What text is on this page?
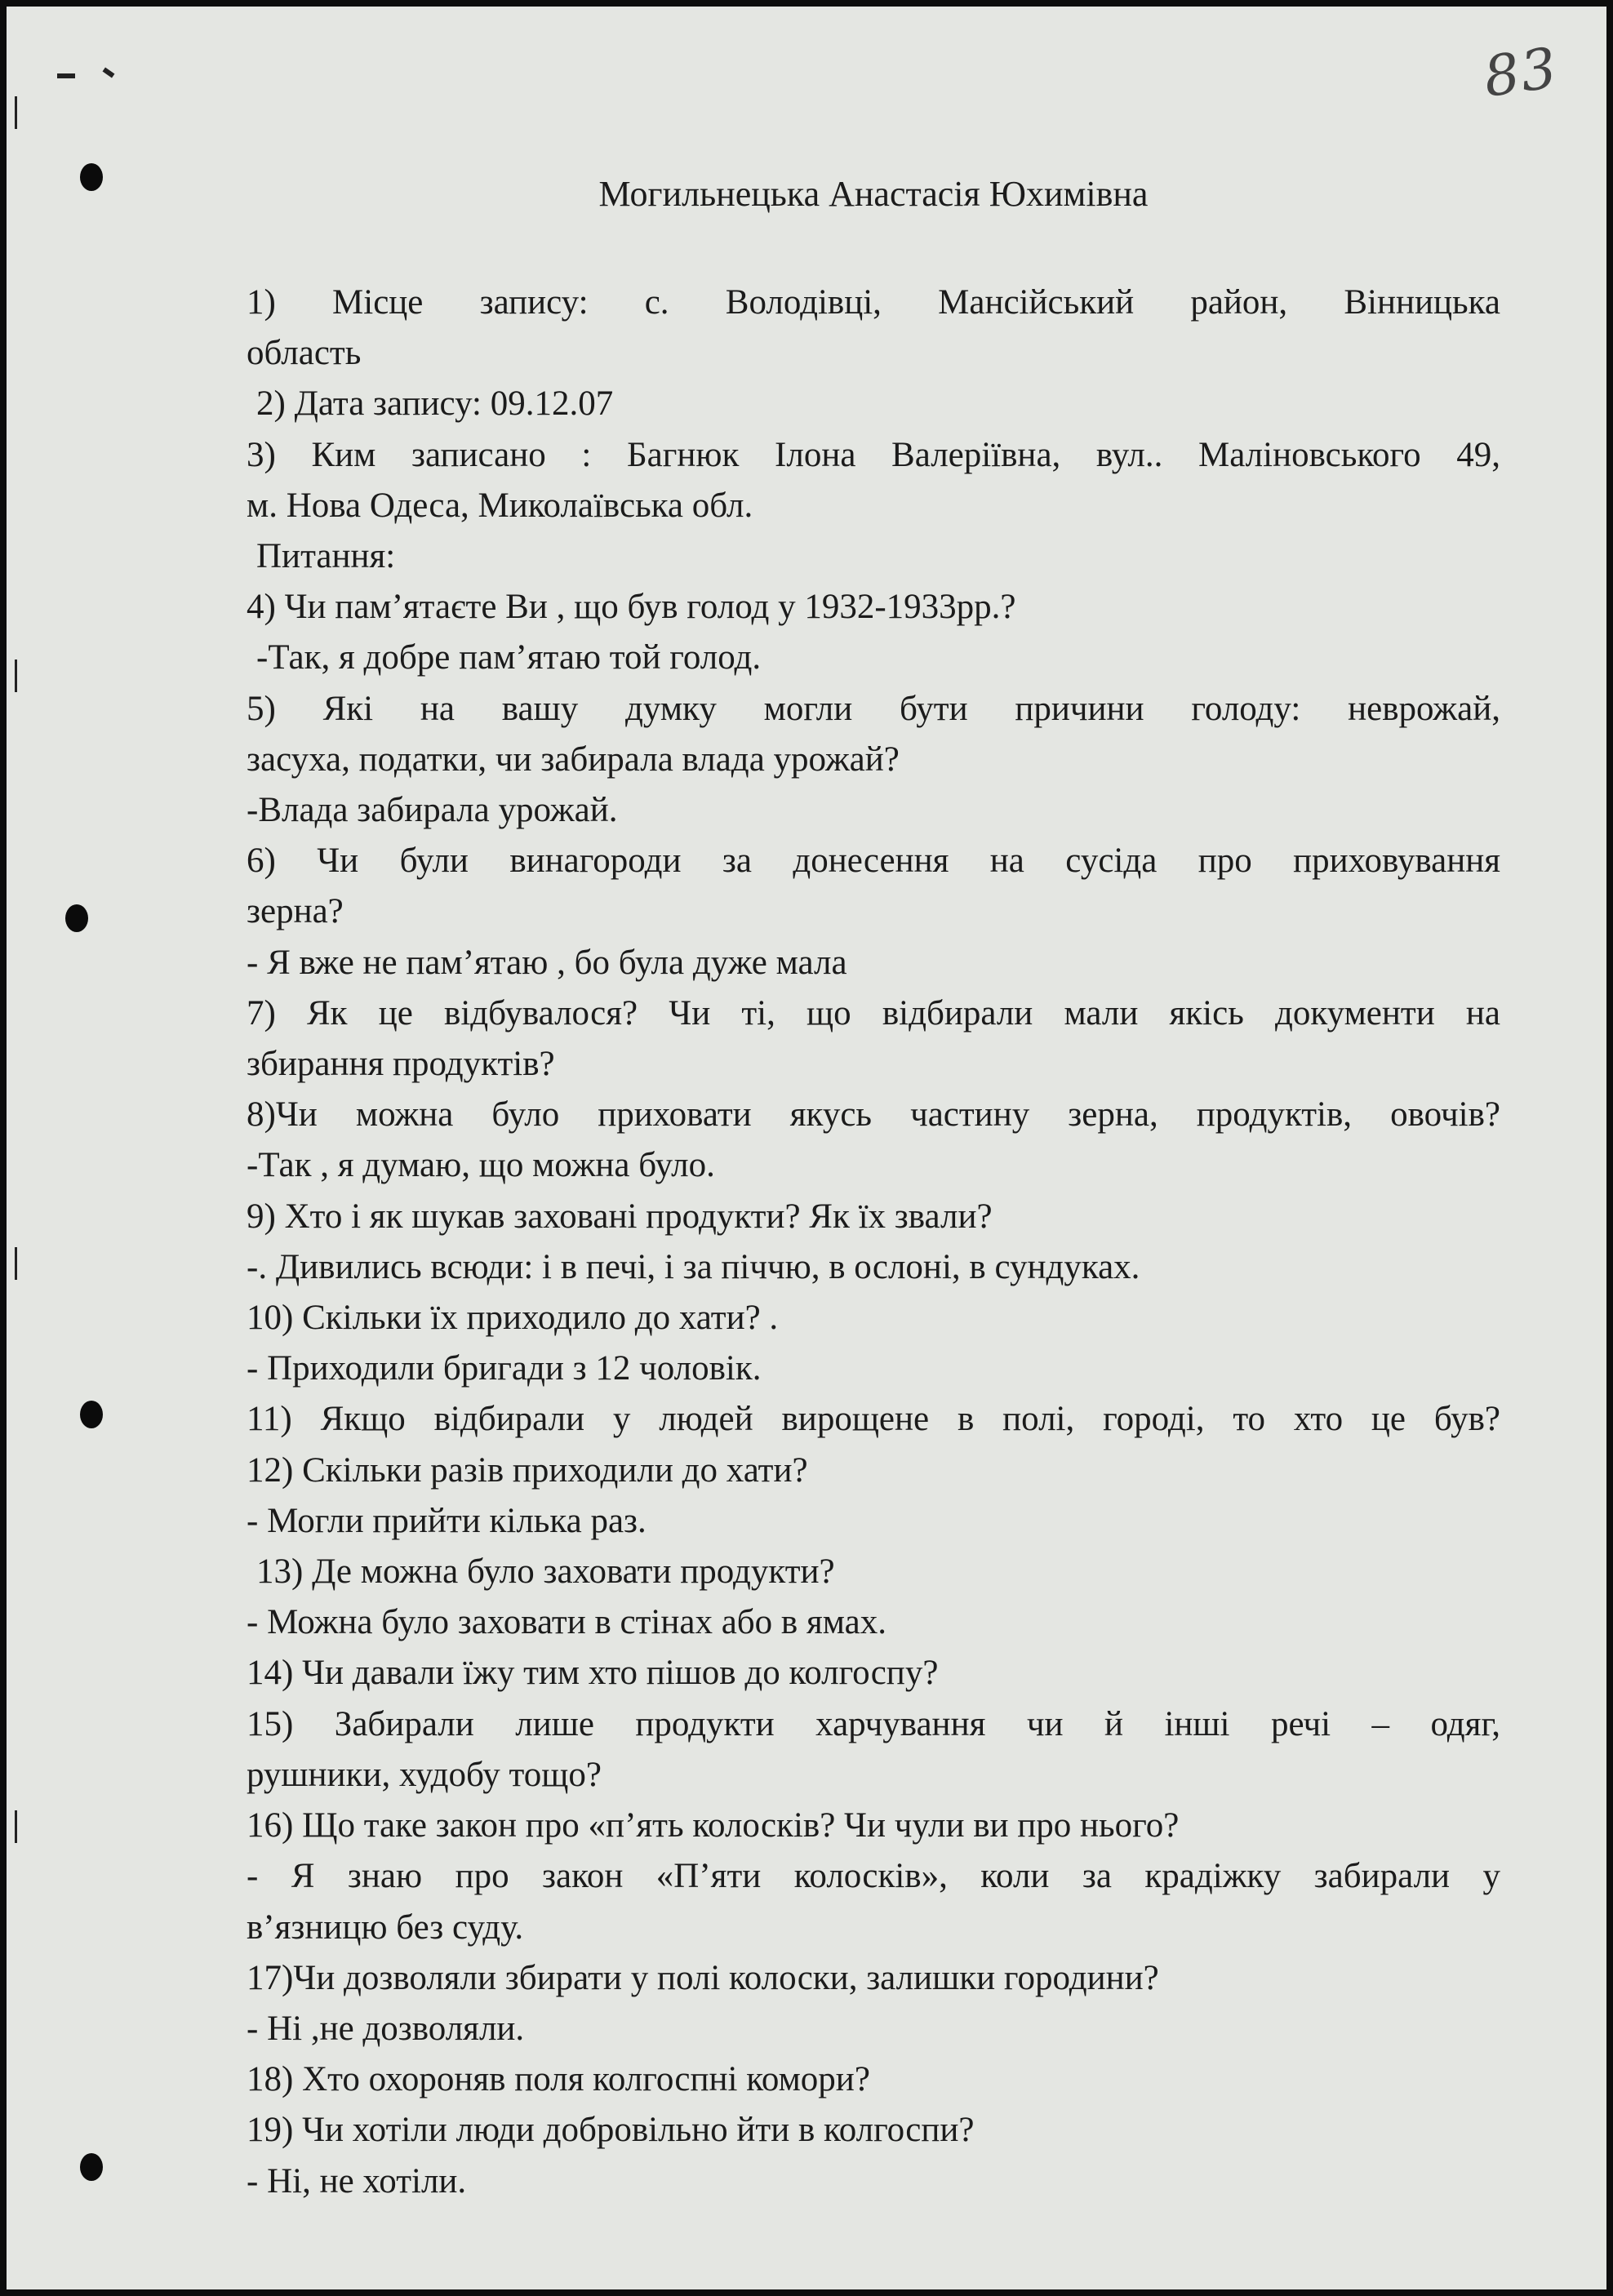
83
Могильнецька Анастасія Юхимівна
1) Місце запису: с. Володівці, Мансійський район, Вінницька
область
2) Дата запису: 09.12.07
3) Ким записано : Багнюк Ілона Валеріївна, вул.. Маліновського 49,
м. Нова Одеса, Миколаївська обл.
Питання:
4) Чи пам’ятаєте Ви , що був голод у 1932-1933рр.?
-Так, я добре пам’ятаю той голод.
5) Які на вашу думку могли бути причини голоду: неврожай,
засуха, податки, чи забирала влада урожай?
-Влада забирала урожай.
6) Чи були винагороди за донесення на сусіда про приховування
зерна?
- Я вже не пам’ятаю , бо була дуже мала
7) Як це відбувалося? Чи ті, що відбирали мали якісь документи на
збирання продуктів?
8)Чи можна було приховати якусь частину зерна, продуктів, овочів?
-Так , я думаю, що можна було.
9) Хто і як шукав заховані продукти? Як їх звали?
-. Дивились всюди: і в печі, і за піччю, в ослоні, в сундуках.
10) Скільки їх приходило до хати? .
- Приходили бригади з 12 чоловік.
11) Якщо відбирали у людей вирощене в полі, городі, то хто це був?
12) Скільки разів приходили до хати?
- Могли прийти кілька раз.
13) Де можна було заховати продукти?
- Можна було заховати в стінах або в ямах.
14) Чи давали їжу тим хто пішов до колгоспу?
15) Забирали лише продукти харчування чи й інші речі – одяг,
рушники, худобу тощо?
16) Що таке закон про «п’ять колосків? Чи чули ви про нього?
- Я знаю про закон «П’яти колосків», коли за крадіжку забирали у
в’язницю без суду.
17)Чи дозволяли збирати у полі колоски, залишки городини?
- Ні ,не дозволяли.
18) Хто охороняв поля колгоспні комори?
19) Чи хотіли люди добровільно йти в колгоспи?
- Ні, не хотіли.
